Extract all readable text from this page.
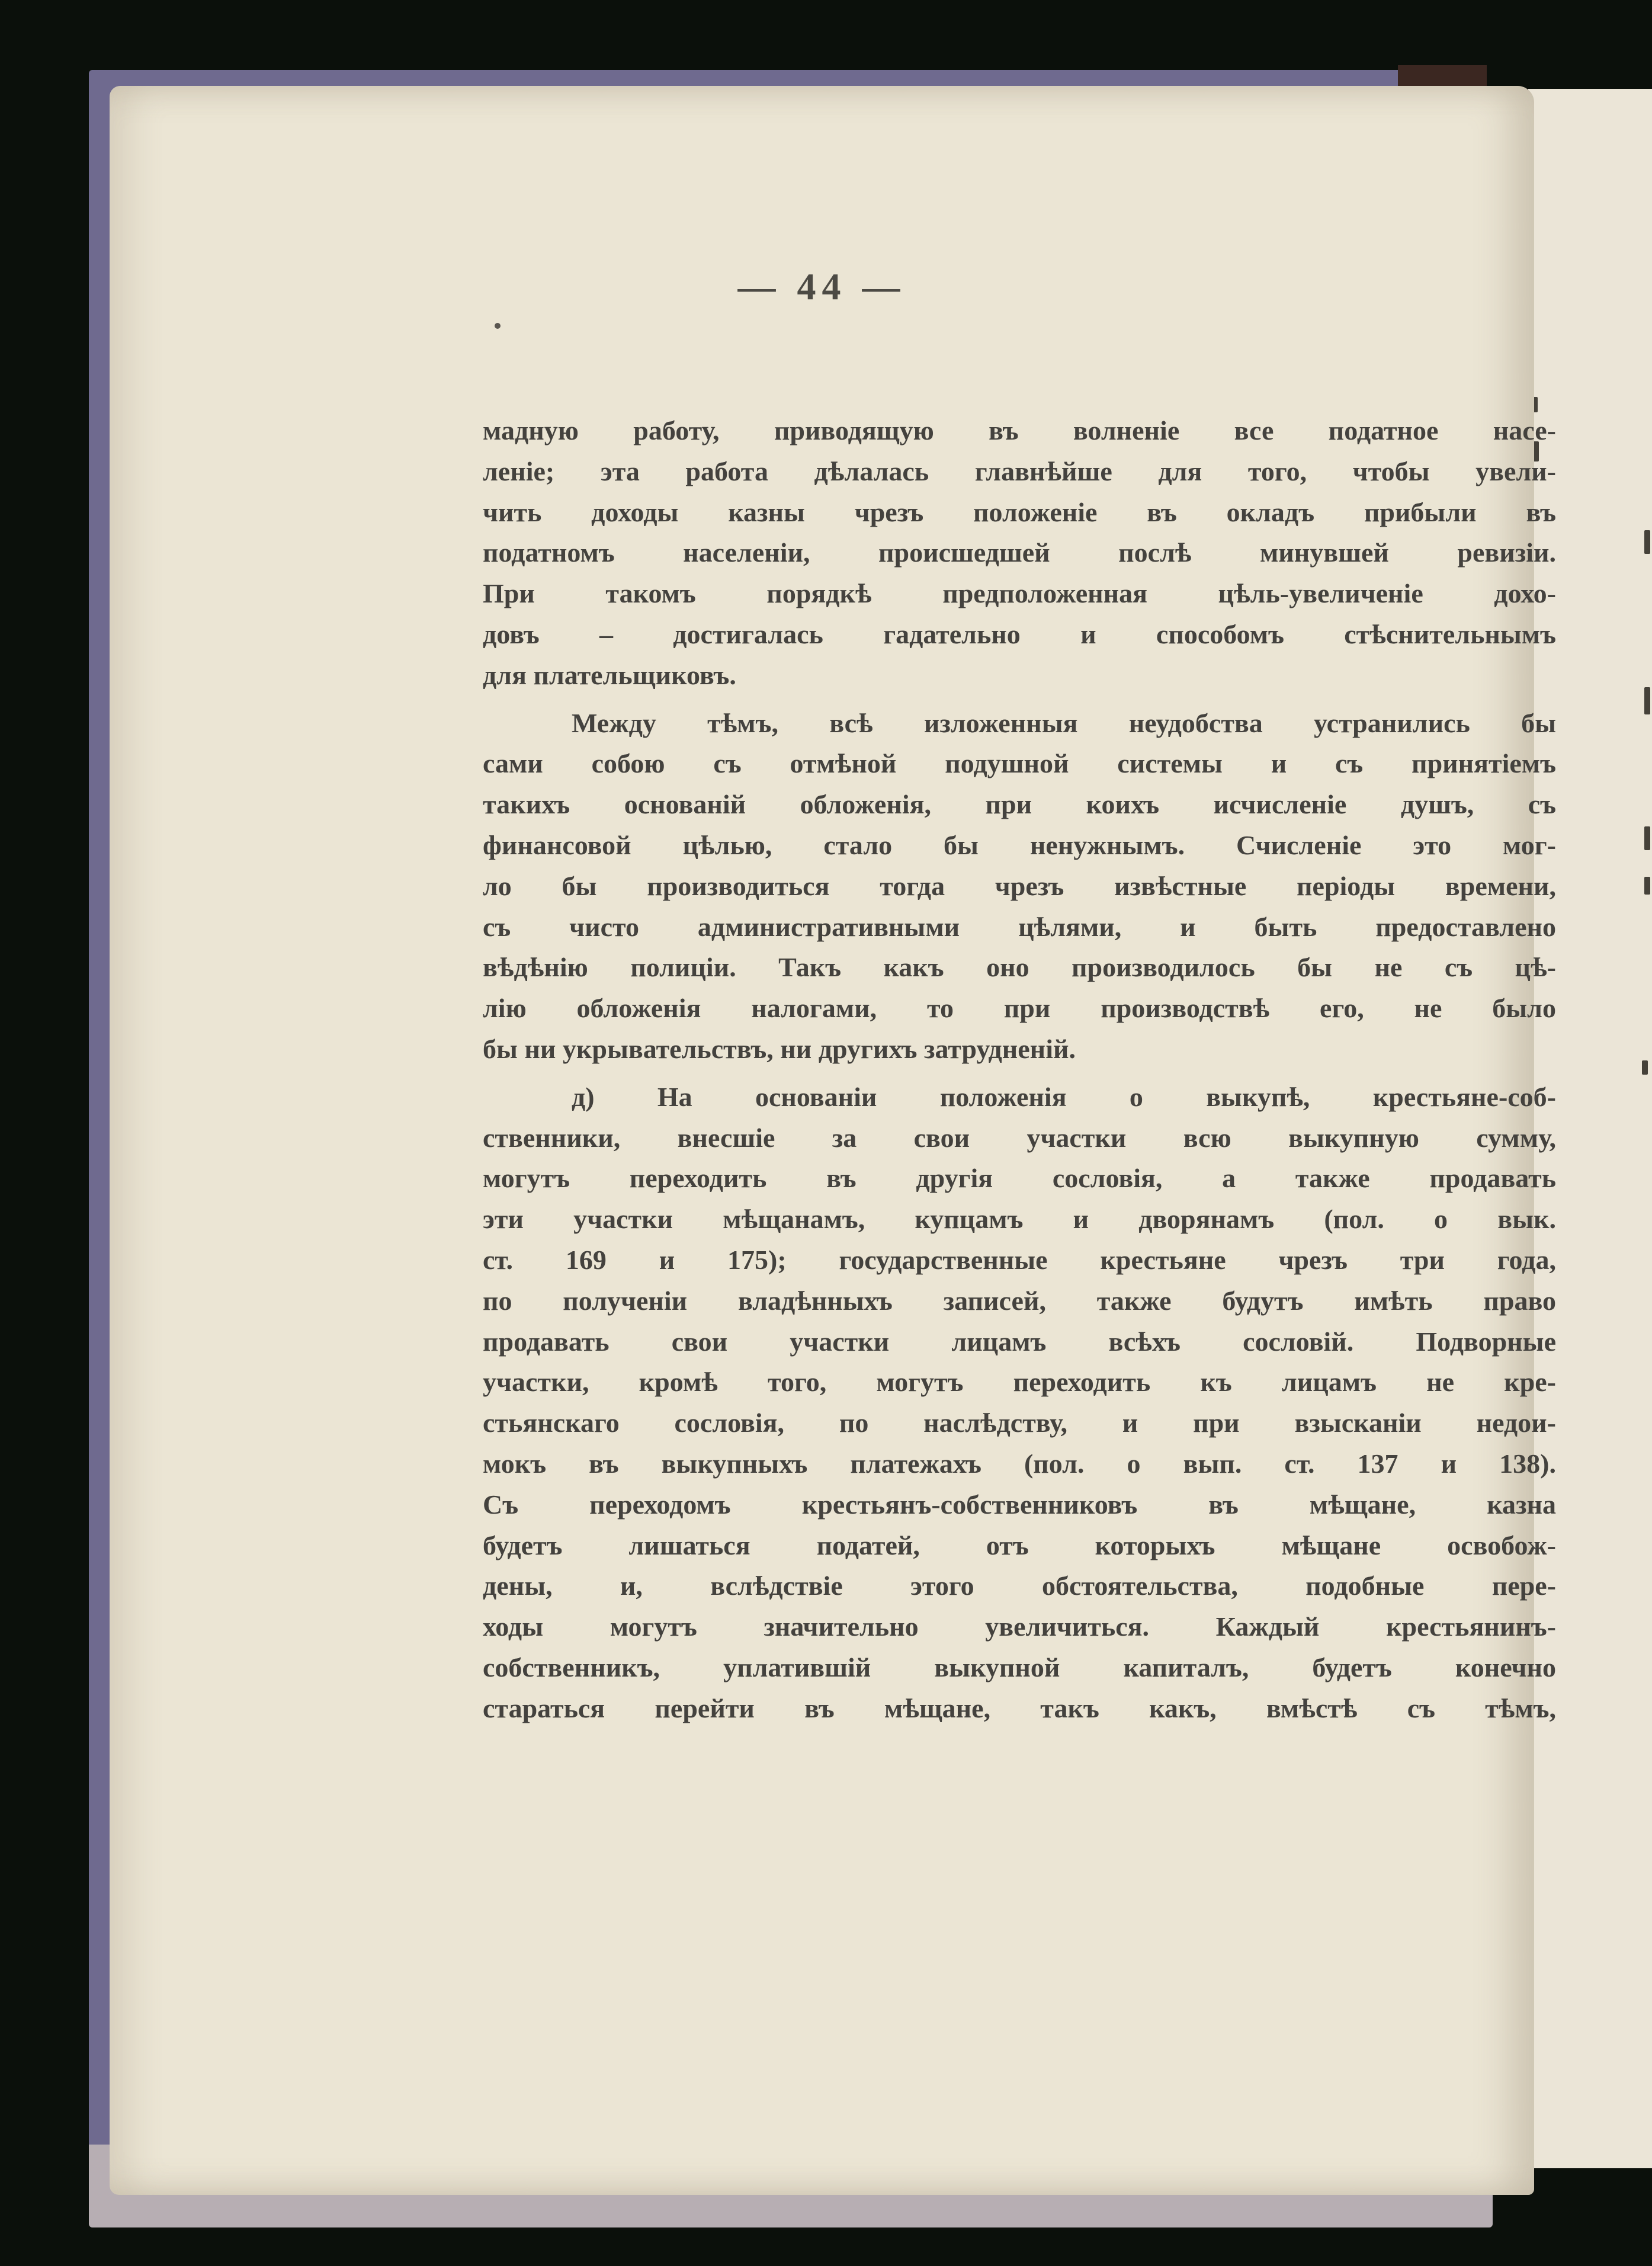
— 44 —
мадную работу, приводящую въ волненіе все податное насе-
леніе; эта работа дѣлалась главнѣйше для того, чтобы увели-
чить доходы казны чрезъ положеніе въ окладъ прибыли въ
податномъ населеніи, происшедшей послѣ минувшей ревизіи.
При такомъ порядкѣ предположенная цѣль-увеличеніе дохо-
довъ – достигалась гадательно и способомъ стѣснительнымъ
для плательщиковъ.
Между тѣмъ, всѣ изложенныя неудобства устранились бы
сами собою съ отмѣной подушной системы и съ принятіемъ
такихъ основаній обложенія, при коихъ исчисленіе душъ, съ
финансовой цѣлью, стало бы ненужнымъ. Счисленіе это мог-
ло бы производиться тогда чрезъ извѣстные періоды времени,
съ чисто административными цѣлями, и быть предоставлено
вѣдѣнію полиціи. Такъ какъ оно производилось бы не съ цѣ-
лію обложенія налогами, то при производствѣ его, не было
бы ни укрывательствъ, ни другихъ затрудненій.
д) На основаніи положенія о выкупѣ, крестьяне-соб-
ственники, внесшіе за свои участки всю выкупную сумму,
могутъ переходить въ другія сословія, а также продавать
эти участки мѣщанамъ, купцамъ и дворянамъ (пол. о вык.
ст. 169 и 175); государственные крестьяне чрезъ три года,
по полученіи владѣнныхъ записей, также будутъ имѣть право
продавать свои участки лицамъ всѣхъ сословій. Подворные
участки, кромѣ того, могутъ переходить къ лицамъ не кре-
стьянскаго сословія, по наслѣдству, и при взысканіи недои-
мокъ въ выкупныхъ платежахъ (пол. о вып. ст. 137 и 138).
Съ переходомъ крестьянъ-собственниковъ въ мѣщане, казна
будетъ лишаться податей, отъ которыхъ мѣщане освобож-
дены, и, вслѣдствіе этого обстоятельства, подобные пере-
ходы могутъ значительно увеличиться. Каждый крестьянинъ-
собственникъ, уплатившій выкупной капиталъ, будетъ конечно
стараться перейти въ мѣщане, такъ какъ, вмѣстѣ съ тѣмъ,
